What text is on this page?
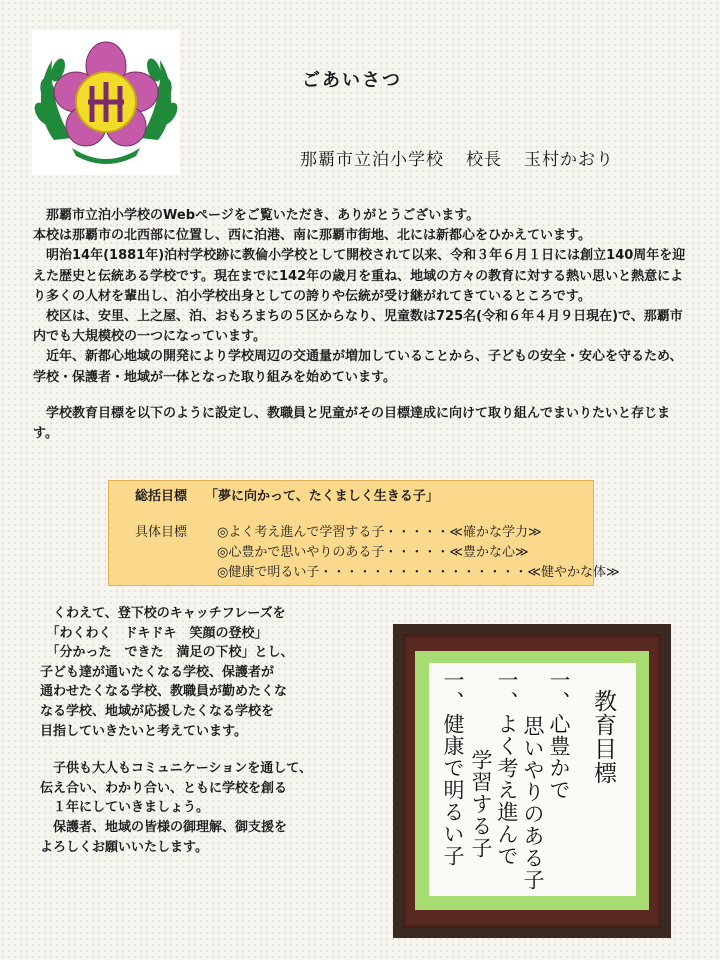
ごあいさつ
那覇市立泊小学校 校長 玉村かおり

　那覇市立泊小学校のWebページをご覧いただき、ありがとうございます。

本校は那覇市の北西部に位置し、西に泊港、南に那覇市街地、北には新都心をひかえています。

　明治14年(1881年)泊村学校跡に教倫小学校として開校されて以来、令和３年６月１日には創立140周年を迎えた歴史と伝統ある学校です。現在までに142年の歳月を重ね、地域の方々の教育に対する熱い思いと熱意により多くの人材を輩出し、泊小学校出身としての誇りや伝統が受け継がれてきているところです。

　校区は、安里、上之屋、泊、おもろまちの５区からなり、児童数は725名(令和６年４月９日現在)で、那覇市内でも大規模校の一つになっています。

　近年、新都心地域の開発により学校周辺の交通量が増加していることから、子どもの安全・安心を守るため、学校・保護者・地域が一体となった取り組みを始めています。

　学校教育目標を以下のように設定し、教職員と児童がその目標達成に向けて取り組んでまいりたいと存じます。

総括目標 「夢に向かって、たくましく生きる子」
具体目標 ◎よく考え進んで学習する子・・・・・≪確かな学力≫
◎心豊かで思いやりのある子・・・・・≪豊かな心≫
◎健康で明るい子・・・・・・・・・・・・・・・・≪健やかな体≫

　くわえて、登下校のキャッチフレーズを

　「わくわく　ドキドキ　笑顔の登校」

　「分かった　できた　満足の下校」とし、

子ども達が通いたくなる学校、保護者が

通わせたくなる学校、教職員が勤めたくな

なる学校、地域が応援したくなる学校を

目指していきたいと考えています。

　子供も大人もコミュニケーションを通して、

伝え合い、わかり合い、ともに学校を創る

　１年にしていきましょう。

　保護者、地域の皆様の御理解、御支援を

よろしくお願いいたします。

教育目標
一、心豊かで
思いやりのある子
一、よく考え進んで
学習する子
一、健康で明るい子
